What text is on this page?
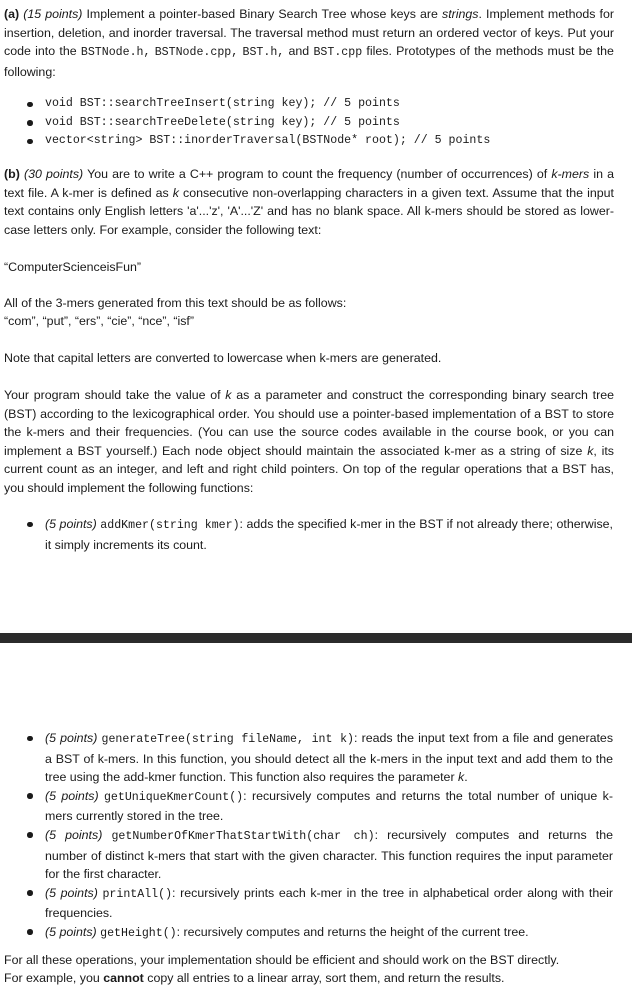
(a) (15 points) Implement a pointer-based Binary Search Tree whose keys are strings. Implement methods for insertion, deletion, and inorder traversal. The traversal method must return an ordered vector of keys. Put your code into the BSTNode.h, BSTNode.cpp, BST.h, and BST.cpp files. Prototypes of the methods must be the following:
void BST::searchTreeInsert(string key); // 5 points
void BST::searchTreeDelete(string key); // 5 points
vector<string> BST::inorderTraversal(BSTNode* root); // 5 points
(b) (30 points) You are to write a C++ program to count the frequency (number of occurrences) of k-mers in a text file. A k-mer is defined as k consecutive non-overlapping characters in a given text. Assume that the input text contains only English letters 'a'...'z', 'A'...'Z' and has no blank space. All k-mers should be stored as lower-case letters only. For example, consider the following text:
“ComputerScienceisFun”
All of the 3-mers generated from this text should be as follows:
“com”, “put”, “ers”, “cie”, “nce”, “isf”
Note that capital letters are converted to lowercase when k-mers are generated.
Your program should take the value of k as a parameter and construct the corresponding binary search tree (BST) according to the lexicographical order. You should use a pointer-based implementation of a BST to store the k-mers and their frequencies. (You can use the source codes available in the course book, or you can implement a BST yourself.) Each node object should maintain the associated k-mer as a string of size k, its current count as an integer, and left and right child pointers. On top of the regular operations that a BST has, you should implement the following functions:
(5 points) addKmer(string kmer): adds the specified k-mer in the BST if not already there; otherwise, it simply increments its count.
(5 points) generateTree(string fileName, int k): reads the input text from a file and generates a BST of k-mers. In this function, you should detect all the k-mers in the input text and add them to the tree using the add-kmer function. This function also requires the parameter k.
(5 points) getUniqueKmerCount(): recursively computes and returns the total number of unique k-mers currently stored in the tree.
(5 points) getNumberOfKmerThatStartWith(char ch): recursively computes and returns the number of distinct k-mers that start with the given character. This function requires the input parameter for the first character.
(5 points) printAll(): recursively prints each k-mer in the tree in alphabetical order along with their frequencies.
(5 points) getHeight(): recursively computes and returns the height of the current tree.
For all these operations, your implementation should be efficient and should work on the BST directly.
For example, you cannot copy all entries to a linear array, sort them, and return the results.
